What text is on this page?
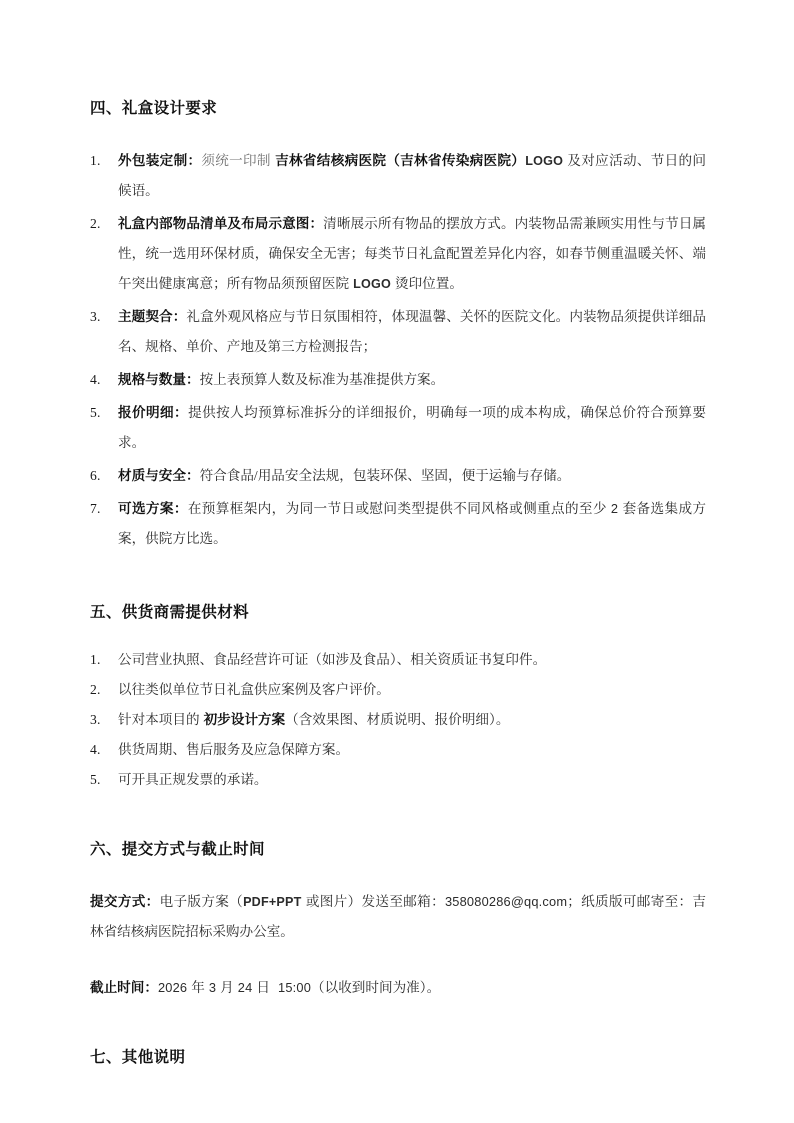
四、礼盒设计要求
1.	外包装定制：须统一印制 吉林省结核病医院（吉林省传染病医院）LOGO 及对应活动、节日的问候语。
2.	礼盒内部物品清单及布局示意图：清晰展示所有物品的摆放方式。内装物品需兼顾实用性与节日属性，统一选用环保材质，确保安全无害；每类节日礼盒配置差异化内容，如春节侧重温暖关怀、端午突出健康寓意；所有物品须预留医院 LOGO 烫印位置。
3.	主题契合：礼盒外观风格应与节日氛围相符，体现温馨、关怀的医院文化。内装物品须提供详细品名、规格、单价、产地及第三方检测报告；
4.	规格与数量：按上表预算人数及标准为基准提供方案。
5.	报价明细：提供按人均预算标准拆分的详细报价，明确每一项的成本构成，确保总价符合预算要求。
6.	材质与安全：符合食品/用品安全法规，包装环保、坚固，便于运输与存储。
7.	可选方案：在预算框架内，为同一节日或慰问类型提供不同风格或侧重点的至少 2 套备选集成方案，供院方比选。
五、供货商需提供材料
1.	公司营业执照、食品经营许可证（如涉及食品）、相关资质证书复印件。
2.	以往类似单位节日礼盒供应案例及客户评价。
3.	针对本项目的 初步设计方案（含效果图、材质说明、报价明细）。
4.	供货周期、售后服务及应急保障方案。
5.	可开具正规发票的承诺。
六、提交方式与截止时间

提交方式：电子版方案（PDF+PPT 或图片）发送至邮箱：358080286@qq.com；纸质版可邮寄至：吉林省结核病医院招标采购办公室。

截止时间：2026 年 3 月 24 日 15:00（以收到时间为准）。

七、其他说明
